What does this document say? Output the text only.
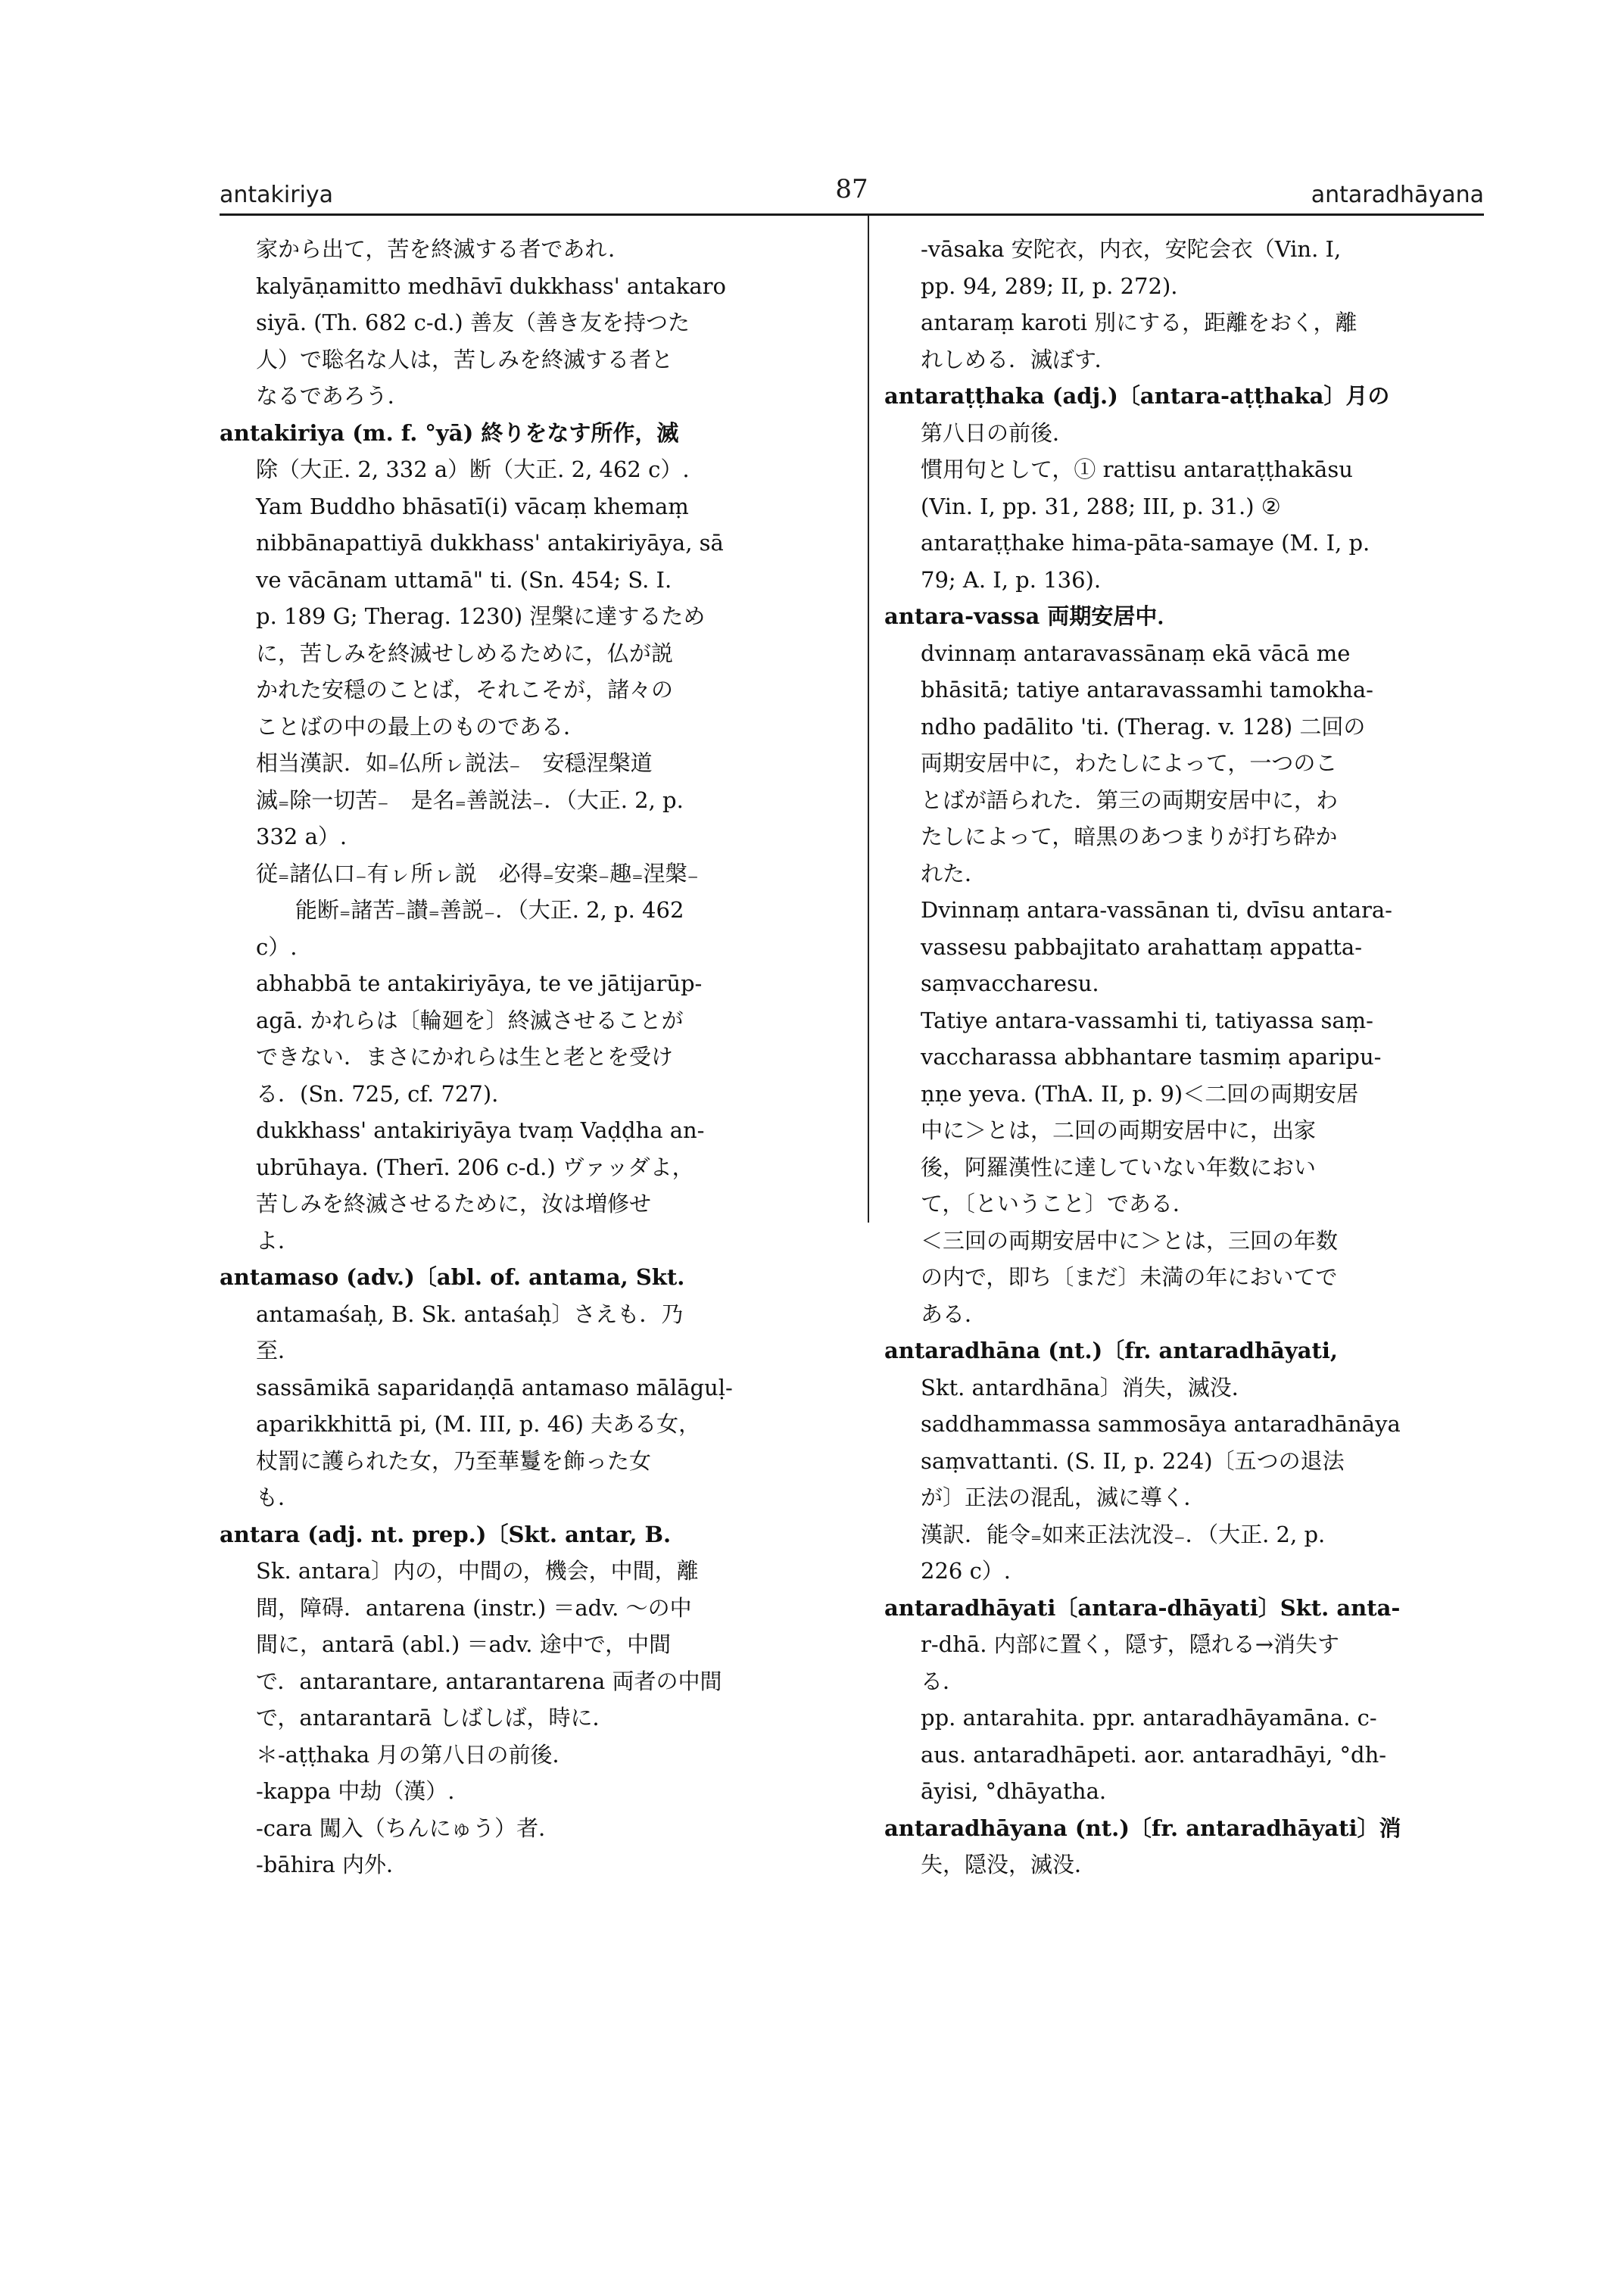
antakiriya	87	antaradhāyana
家から出て，苦を終滅する者であれ．
kalyāṇamitto medhāvī dukkhass' antakaro
siyā. (Th. 682 c-d.) 善友（善き友を持つた
人）で聡名な人は，苦しみを終滅する者と
なるであろう．
antakiriya (m. f. °yā) 終りをなす所作，滅
除（大正. 2, 332 a）断（大正. 2, 462 c）.
Yam Buddho bhāsatī(i) vācaṃ khemaṃ
nibbānapattiyā dukkhass' antakiriyāya, sā
ve vācānam uttamā" ti. (Sn. 454; S. I.
p. 189 G; Therag. 1230) 涅槃に達するため
に，苦しみを終滅せしめるために，仏が説
かれた安穏のことば，それこそが，諸々の
ことばの中の最上のものである．
相当漢訳．如₌仏所ㇾ説法₋　安穏涅槃道
滅₌除一切苦₋　是名₌善説法₋．（大正. 2, p.
332 a）.
従₌諸仏口₋有ㇾ所ㇾ説　必得₌安楽₋趣₌涅槃₋
能断₌諸苦₋讃₌善説₋．（大正. 2, p. 462
c）.
abhabbā te antakiriyāya, te ve jātijarūp-
agā. かれらは〔輪廻を〕終滅させることが
できない．まさにかれらは生と老とを受け
る．(Sn. 725, cf. 727).
dukkhass' antakiriyāya tvaṃ Vaḍḍha an-
ubrūhaya. (Therī. 206 c-d.) ヴァッダよ，
苦しみを終滅させるために，汝は増修せ
よ．
antamaso (adv.)〔abl. of. antama, Skt.
antamaśaḥ, B. Sk. antaśaḥ〕さえも．乃
至．
sassāmikā saparidaṇḍā antamaso mālāguḷ-
aparikkhittā pi, (M. III, p. 46) 夫ある女，
杖罰に護られた女，乃至華鬘を飾った女
も．
antara (adj. nt. prep.)〔Skt. antar, B.
Sk. antara〕内の，中間の，機会，中間，離
間，障碍．antarena (instr.) ＝adv. ～の中
間に，antarā (abl.) ＝adv. 途中で，中間
で．antarantare, antarantarena 両者の中間
で，antarantarā しばしば，時に．
＊-aṭṭhaka 月の第八日の前後．
-kappa 中劫（漢）.
-cara 闖入（ちんにゅう）者．
-bāhira 内外．
-vāsaka 安陀衣，内衣，安陀会衣（Vin. I,
pp. 94, 289; II, p. 272).
antaraṃ karoti 別にする，距離をおく，離
れしめる．滅ぼす．
antaraṭṭhaka (adj.)〔antara-aṭṭhaka〕月の
第八日の前後．
慣用句として，① rattisu antaraṭṭhakāsu
(Vin. I, pp. 31, 288; III, p. 31.) ②
antaraṭṭhake hima-pāta-samaye (M. I, p.
79; A. I, p. 136).
antara-vassa 両期安居中．
dvinnaṃ antaravassānaṃ ekā vācā me
bhāsitā; tatiye antaravassamhi tamokha-
ndho padālito 'ti. (Therag. v. 128) 二回の
両期安居中に，わたしによって，一つのこ
とばが語られた．第三の両期安居中に，わ
たしによって，暗黒のあつまりが打ち砕か
れた．
Dvinnaṃ antara-vassānan ti, dvīsu antara-
vassesu pabbajitato arahattaṃ appatta-
saṃvaccharesu.
Tatiye antara-vassamhi ti, tatiyassa saṃ-
vaccharassa abbhantare tasmiṃ aparipu-
ṇṇe yeva. (ThA. II, p. 9)＜二回の両期安居
中に＞とは，二回の両期安居中に，出家
後，阿羅漢性に達していない年数におい
て，〔ということ〕である．
＜三回の両期安居中に＞とは，三回の年数
の内で，即ち〔まだ〕未満の年においてで
ある．
antaradhāna (nt.)〔fr. antaradhāyati,
Skt. antardhāna〕消失，滅没．
saddhammassa sammosāya antaradhānāya
saṃvattanti. (S. II, p. 224)〔五つの退法
が〕正法の混乱，滅に導く．
漢訳．能令₌如来正法沈没₋．（大正. 2, p.
226 c）.
antaradhāyati〔antara-dhāyati〕Skt. anta-
r-dhā. 内部に置く，隠す，隠れる→消失す
る．
pp. antarahita. ppr. antaradhāyamāna. c-
aus. antaradhāpeti. aor. antaradhāyi, °dh-
āyisi, °dhāyatha.
antaradhāyana (nt.)〔fr. antaradhāyati〕消
失，隠没，滅没．
